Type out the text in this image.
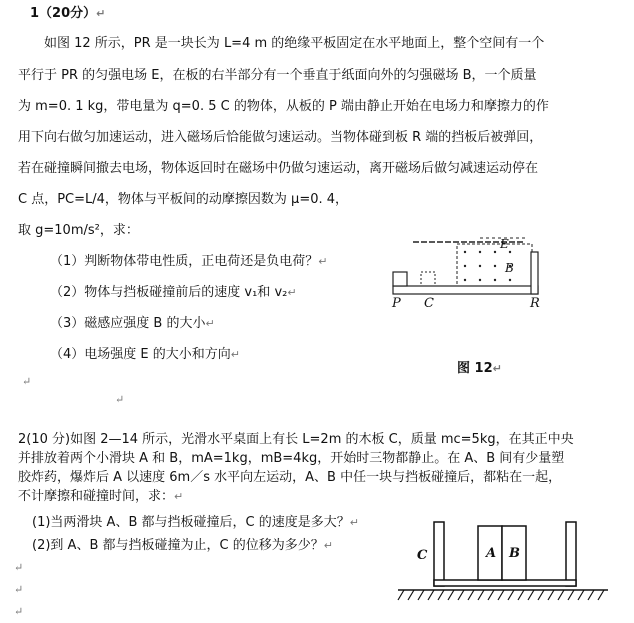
1（20分）↵
如图 12 所示，PR 是一块长为 L=4 m 的绝缘平板固定在水平地面上，整个空间有一个
平行于 PR 的匀强电场 E，在板的右半部分有一个垂直于纸面向外的匀强磁场 B，一个质量
为 m=0. 1 kg，带电量为 q=0. 5 C 的物体，从板的 P 端由静止开始在电场力和摩擦力的作
用下向右做匀加速运动，进入磁场后恰能做匀速运动。当物体碰到板 R 端的挡板后被弹回，
若在碰撞瞬间撤去电场，物体返回时在磁场中仍做匀速运动，离开磁场后做匀减速运动停在
C 点，PC=L/4，物体与平板间的动摩擦因数为 μ=0. 4，
取 g=10m/s²，求：
（1）判断物体带电性质，正电荷还是负电荷？↵
（2）物体与挡板碰撞前后的速度 v₁和 v₂↵
（3）磁感应强度 B 的大小↵
（4）电场强度 E 的大小和方向↵
↵
↵
E
B
P C	R
图 12↵
2(10 分)如图 2—14 所示，光滑水平桌面上有长 L=2m 的木板 C，质量 mc=5kg，在其正中央
并排放着两个小滑块 A 和 B，mA=1kg，mB=4kg，开始时三物都静止。在 A、B 间有少量塑
胶炸药，爆炸后 A 以速度 6m／s 水平向左运动，A、B 中任一块与挡板碰撞后，都粘在一起，
不计摩擦和碰撞时间，求：↵
(1)当两滑块 A、B 都与挡板碰撞后，C 的速度是多大？↵
(2)到 A、B 都与挡板碰撞为止，C 的位移为多少？↵
↵
↵
↵
C	A B
